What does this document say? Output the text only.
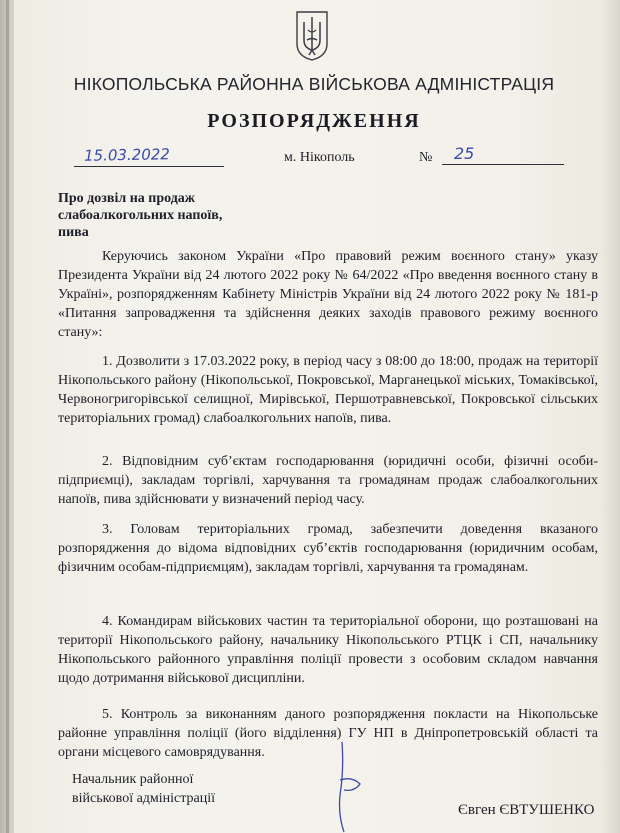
НІКОПОЛЬСЬКА РАЙОННА ВІЙСЬКОВА АДМІНІСТРАЦІЯ
РОЗПОРЯДЖЕННЯ
15.03.2022	м. Нікополь	№ 25
Про дозвіл на продаж
слабоалкогольних напоїв,
пива
Керуючись законом України «Про правовий режим воєнного стану» указу Президента України від 24 лютого 2022 року № 64/2022 «Про введення воєнного стану в Україні», розпорядженням Кабінету Міністрів України від 24 лютого 2022 року № 181-р «Питання запровадження та здійснення деяких заходів правового режиму воєнного стану»:
1. Дозволити з 17.03.2022 року, в період часу з 08:00 до 18:00, продаж на території Нікопольського району (Нікопольської, Покровської, Марганецької міських, Томаківської, Червоногригорівської селищної, Мирівської, Першотравневської, Покровської сільських територіальних громад) слабоалкогольних напоїв, пива.
2. Відповідним суб’єктам господарювання (юридичні особи, фізичні особи-підприємці), закладам торгівлі, харчування та громадянам продаж слабоалкогольних напоїв, пива здійснювати у визначений період часу.
3. Головам територіальних громад, забезпечити доведення вказаного розпорядження до відома відповідних суб’єктів господарювання (юридичним особам, фізичним особам-підприємцям), закладам торгівлі, харчування та громадянам.
4. Командирам військових частин та територіальної оборони, що розташовані на території Нікопольського району, начальнику Нікопольського РТЦК і СП, начальнику Нікопольського районного управління поліції провести з особовим складом навчання щодо дотримання військової дисципліни.
5. Контроль за виконанням даного розпорядження покласти на Нікопольське районне управління поліції (його відділення) ГУ НП в Дніпропетровській області та органи місцевого самоврядування.
Начальник районної
військової адміністрації
Євген ЄВТУШЕНКО
